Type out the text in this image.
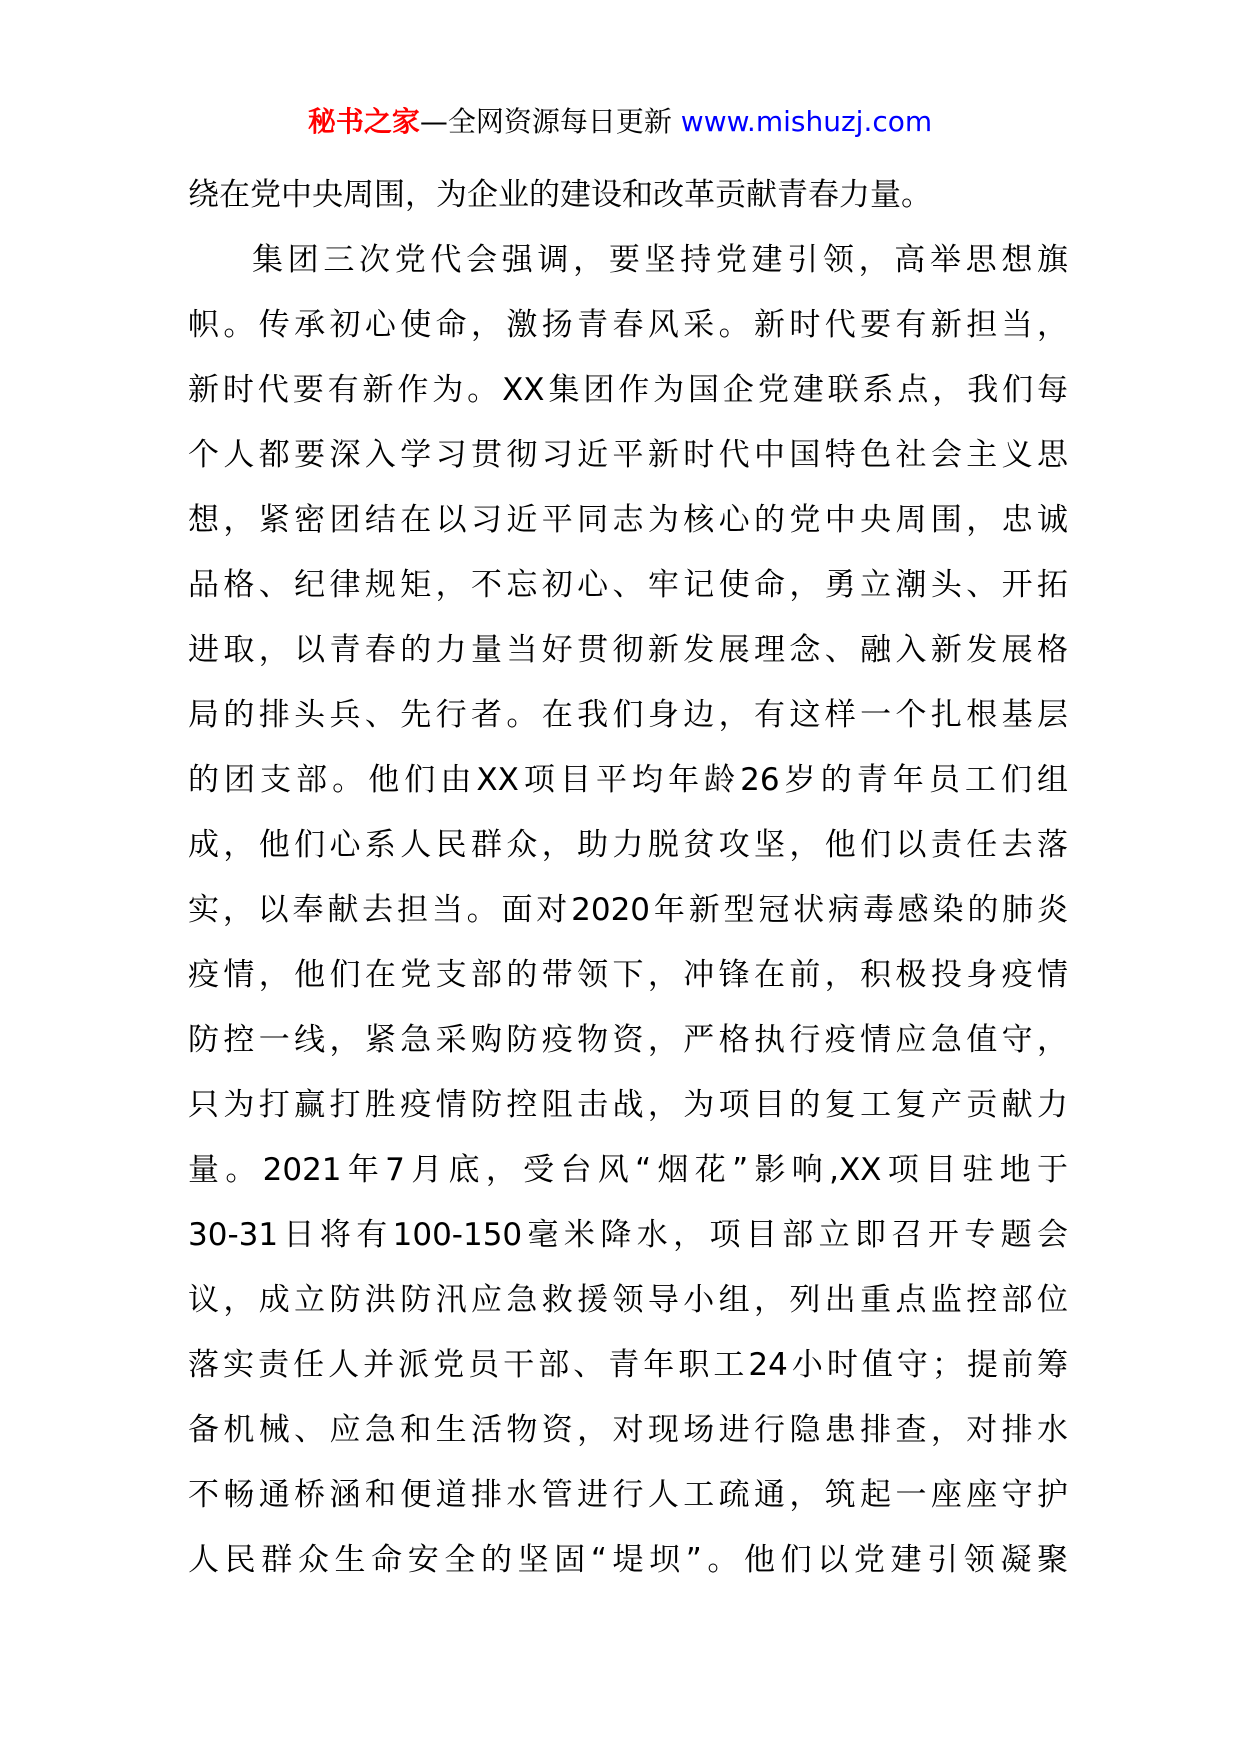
秘书之家—全网资源每日更新 www.mishuzj.com
绕在党中央周围，为企业的建设和改革贡献青春力量。
集团三次党代会强调，要坚持党建引领，高举思想旗
帜。传承初心使命，激扬青春风采。新时代要有新担当，
新时代要有新作为。XX集团作为国企党建联系点，我们每
个人都要深入学习贯彻习近平新时代中国特色社会主义思
想，紧密团结在以习近平同志为核心的党中央周围，忠诚
品格、纪律规矩，不忘初心、牢记使命，勇立潮头、开拓
进取，以青春的力量当好贯彻新发展理念、融入新发展格
局的排头兵、先行者。在我们身边，有这样一个扎根基层
的团支部。他们由XX项目平均年龄26岁的青年员工们组
成，他们心系人民群众，助力脱贫攻坚，他们以责任去落
实，以奉献去担当。面对2020年新型冠状病毒感染的肺炎
疫情，他们在党支部的带领下，冲锋在前，积极投身疫情
防控一线，紧急采购防疫物资，严格执行疫情应急值守，
只为打赢打胜疫情防控阻击战，为项目的复工复产贡献力
量。2021年7月底，受台风“烟花”影响,XX项目驻地于
30-31日将有100-150毫米降水，项目部立即召开专题会
议，成立防洪防汛应急救援领导小组，列出重点监控部位
落实责任人并派党员干部、青年职工24小时值守；提前筹
备机械、应急和生活物资，对现场进行隐患排查，对排水
不畅通桥涵和便道排水管进行人工疏通，筑起一座座守护
人民群众生命安全的坚固“堤坝”。他们以党建引领凝聚
